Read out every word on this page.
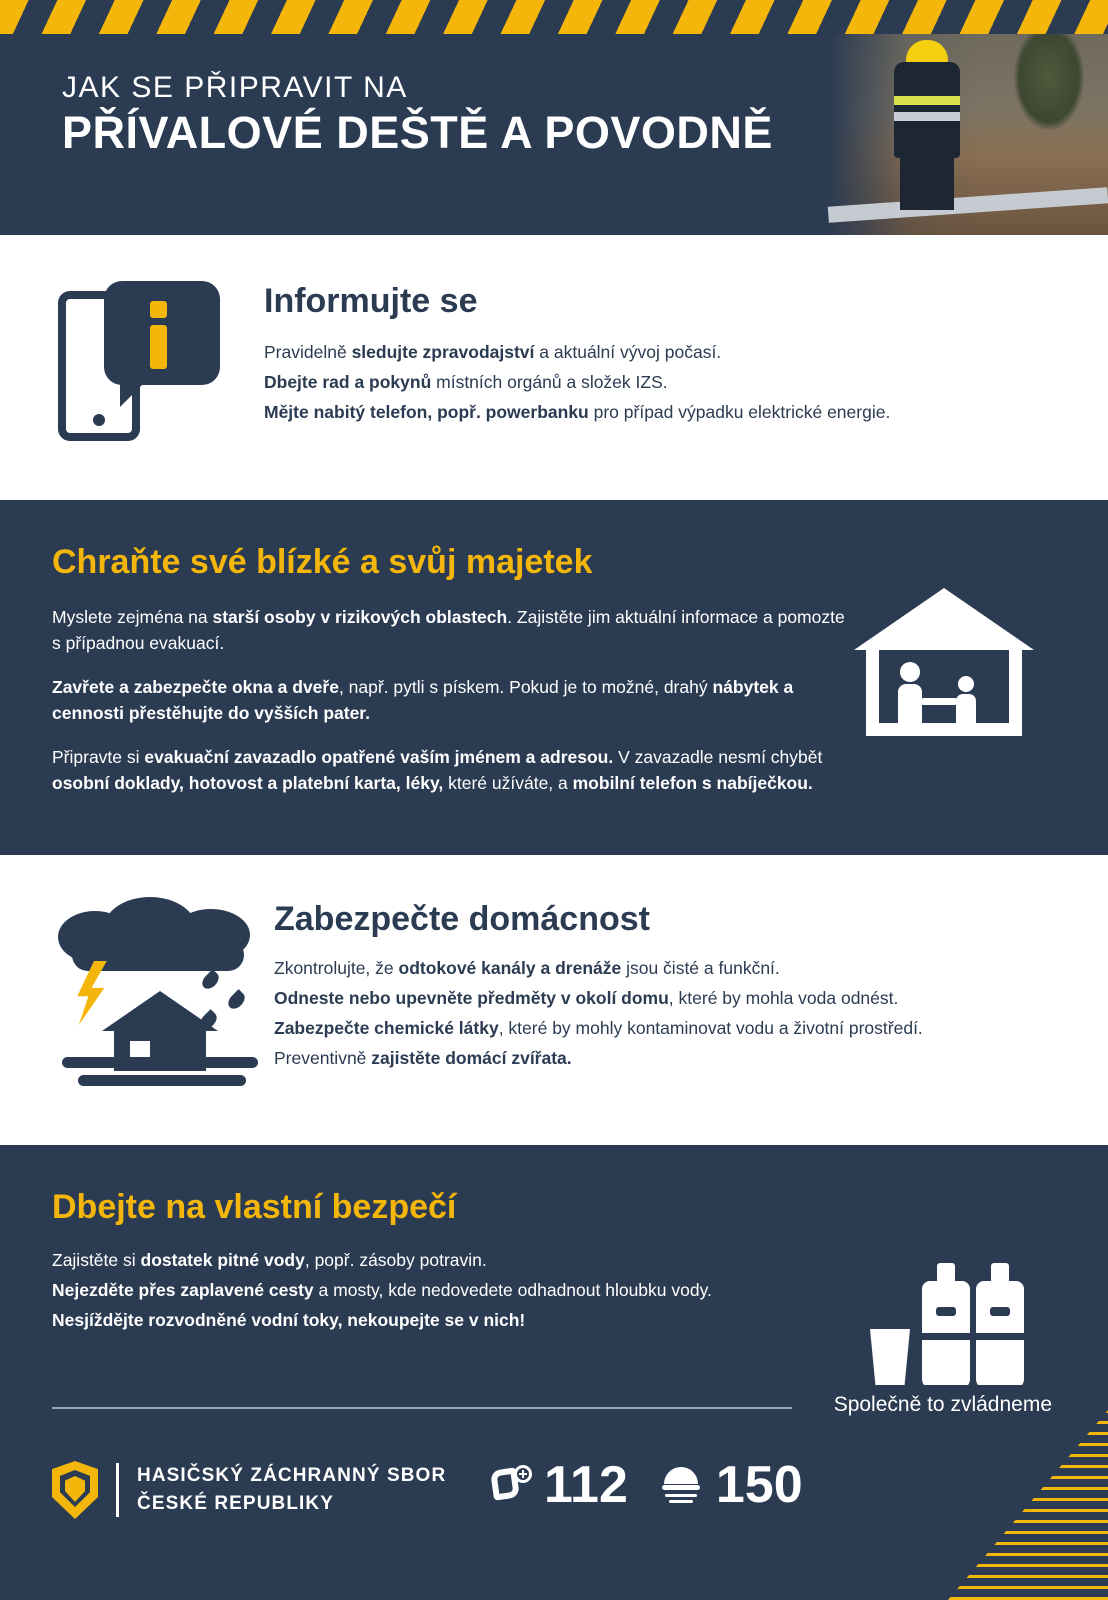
JAK SE PŘIPRAVIT NA
PŘÍVALOVÉ DEŠTĚ A POVODNĚ
Informujte se

Pravidelně sledujte zpravodajství a aktuální vývoj počasí.

Dbejte rad a pokynů místních orgánů a složek IZS.

Mějte nabitý telefon, popř. powerbanku pro případ výpadku elektrické energie.

Chraňte své blízké a svůj majetek

Myslete zejména na starší osoby v rizikových oblastech. Zajistěte jim aktuální informace a pomozte s případnou evakuací.

Zavřete a zabezpečte okna a dveře, např. pytli s pískem. Pokud je to možné, drahý nábytek a cennosti přestěhujte do vyšších pater.

Připravte si evakuační zavazadlo opatřené vaším jménem a adresou. V zavazadle nesmí chybět osobní doklady, hotovost a platební karta, léky, které užíváte, a mobilní telefon s nabíječkou.

Zabezpečte domácnost

Zkontrolujte, že odtokové kanály a drenáže jsou čisté a funkční.

Odneste nebo upevněte předměty v okolí domu, které by mohla voda odnést.

Zabezpečte chemické látky, které by mohly kontaminovat vodu a životní prostředí.

Preventivně zajistěte domácí zvířata.

Dbejte na vlastní bezpečí

Zajistěte si dostatek pitné vody, popř. zásoby potravin.

Nejezděte přes zaplavené cesty a mosty, kde nedovedete odhadnout hloubku vody.

Nesjíždějte rozvodněné vodní toky, nekoupejte se v nich!

Společně to zvládneme
HASIČSKÝ ZÁCHRANNÝ SBOR
ČESKÉ REPUBLIKY	112 150
